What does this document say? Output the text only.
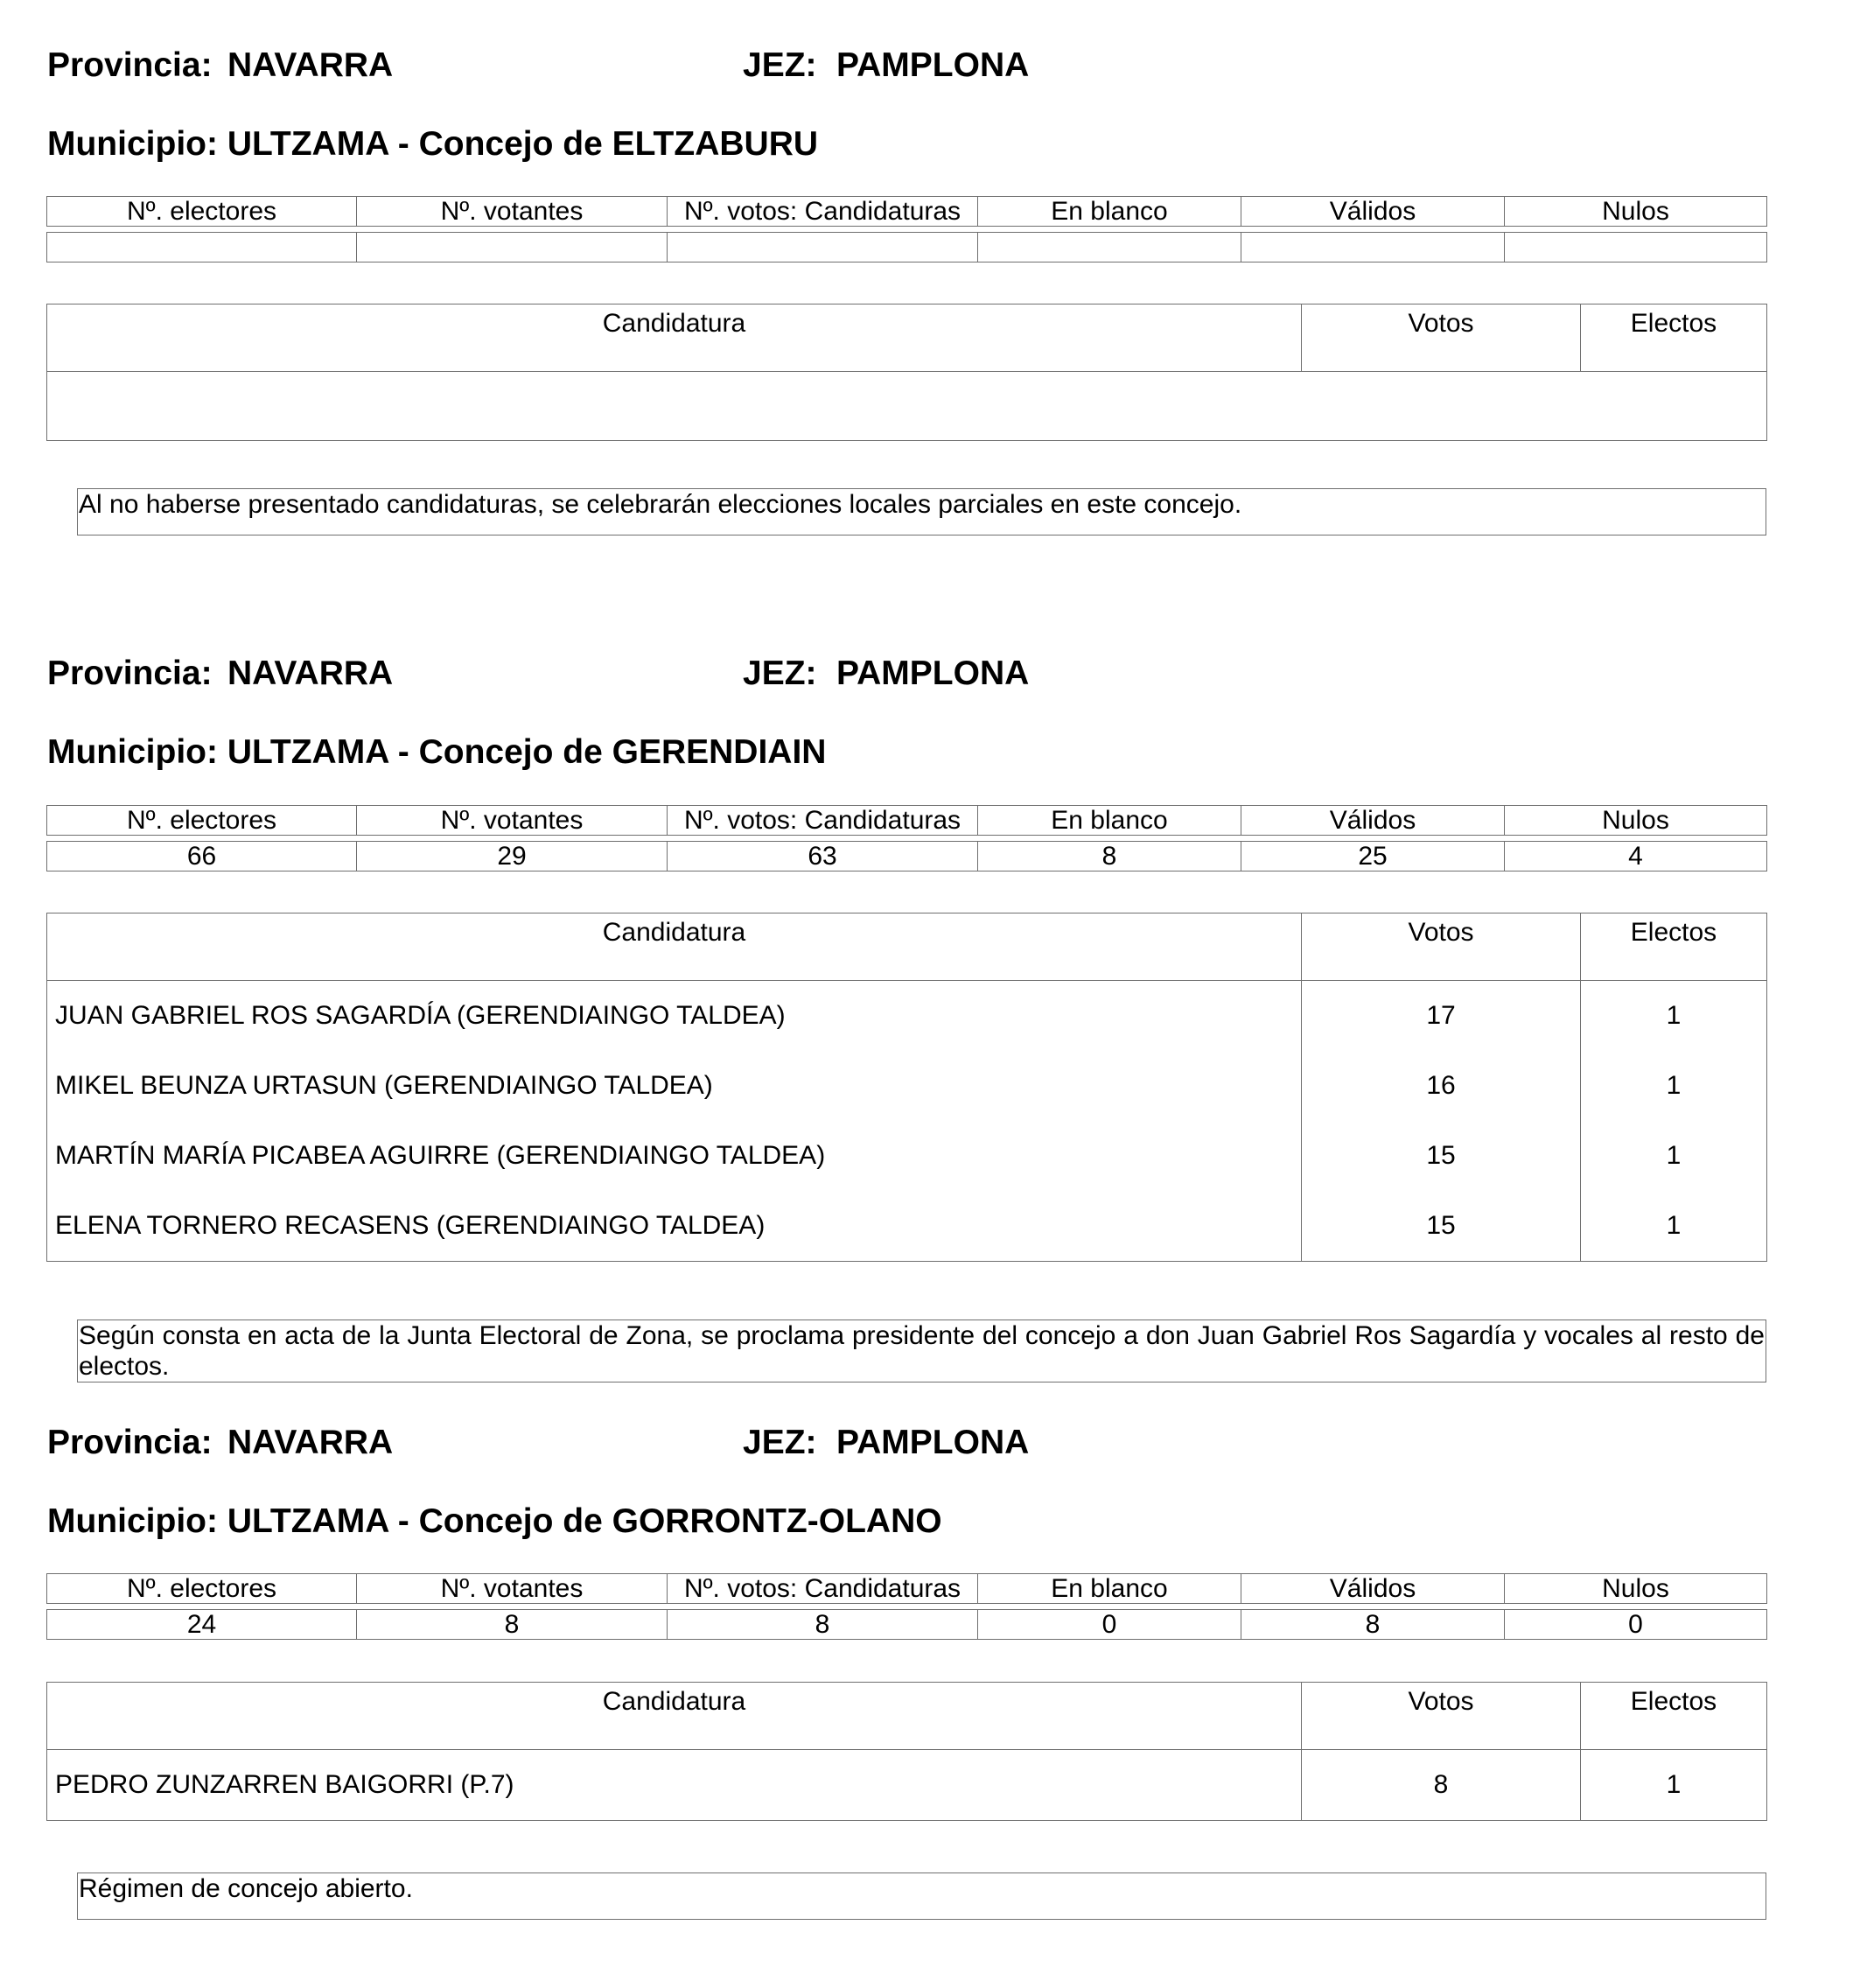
Provincia: NAVARRA	JEZ: PAMPLONA
Municipio: ULTZAMA - Concejo de ELTZABURU
Nº. electores	Nº. votantes	Nº. votos: Candidaturas	En blanco	Válidos	Nulos

Candidatura	Votos	Electos

Al no haberse presentado candidaturas, se celebrarán elecciones locales parciales en este concejo.
Provincia: NAVARRA	JEZ: PAMPLONA
Municipio: ULTZAMA - Concejo de GERENDIAIN
Nº. electores	Nº. votantes	Nº. votos: Candidaturas	En blanco	Válidos	Nulos

66	29	63	8	25	4
Candidatura	Votos	Electos
JUAN GABRIEL ROS SAGARDÍA (GERENDIAINGO TALDEA)	17	1
MIKEL BEUNZA URTASUN (GERENDIAINGO TALDEA)	16	1
MARTÍN MARÍA PICABEA AGUIRRE (GERENDIAINGO TALDEA)	15	1
ELENA TORNERO RECASENS (GERENDIAINGO TALDEA)	15	1
Según consta en acta de la Junta Electoral de Zona, se proclama presidente del concejo a don Juan Gabriel Ros Sagardía y vocales al resto de electos.
Provincia: NAVARRA	JEZ: PAMPLONA
Municipio: ULTZAMA - Concejo de GORRONTZ-OLANO
Nº. electores	Nº. votantes	Nº. votos: Candidaturas	En blanco	Válidos	Nulos

24	8	8	0	8	0
Candidatura	Votos	Electos
PEDRO ZUNZARREN BAIGORRI (P.7)	8	1
Régimen de concejo abierto.
